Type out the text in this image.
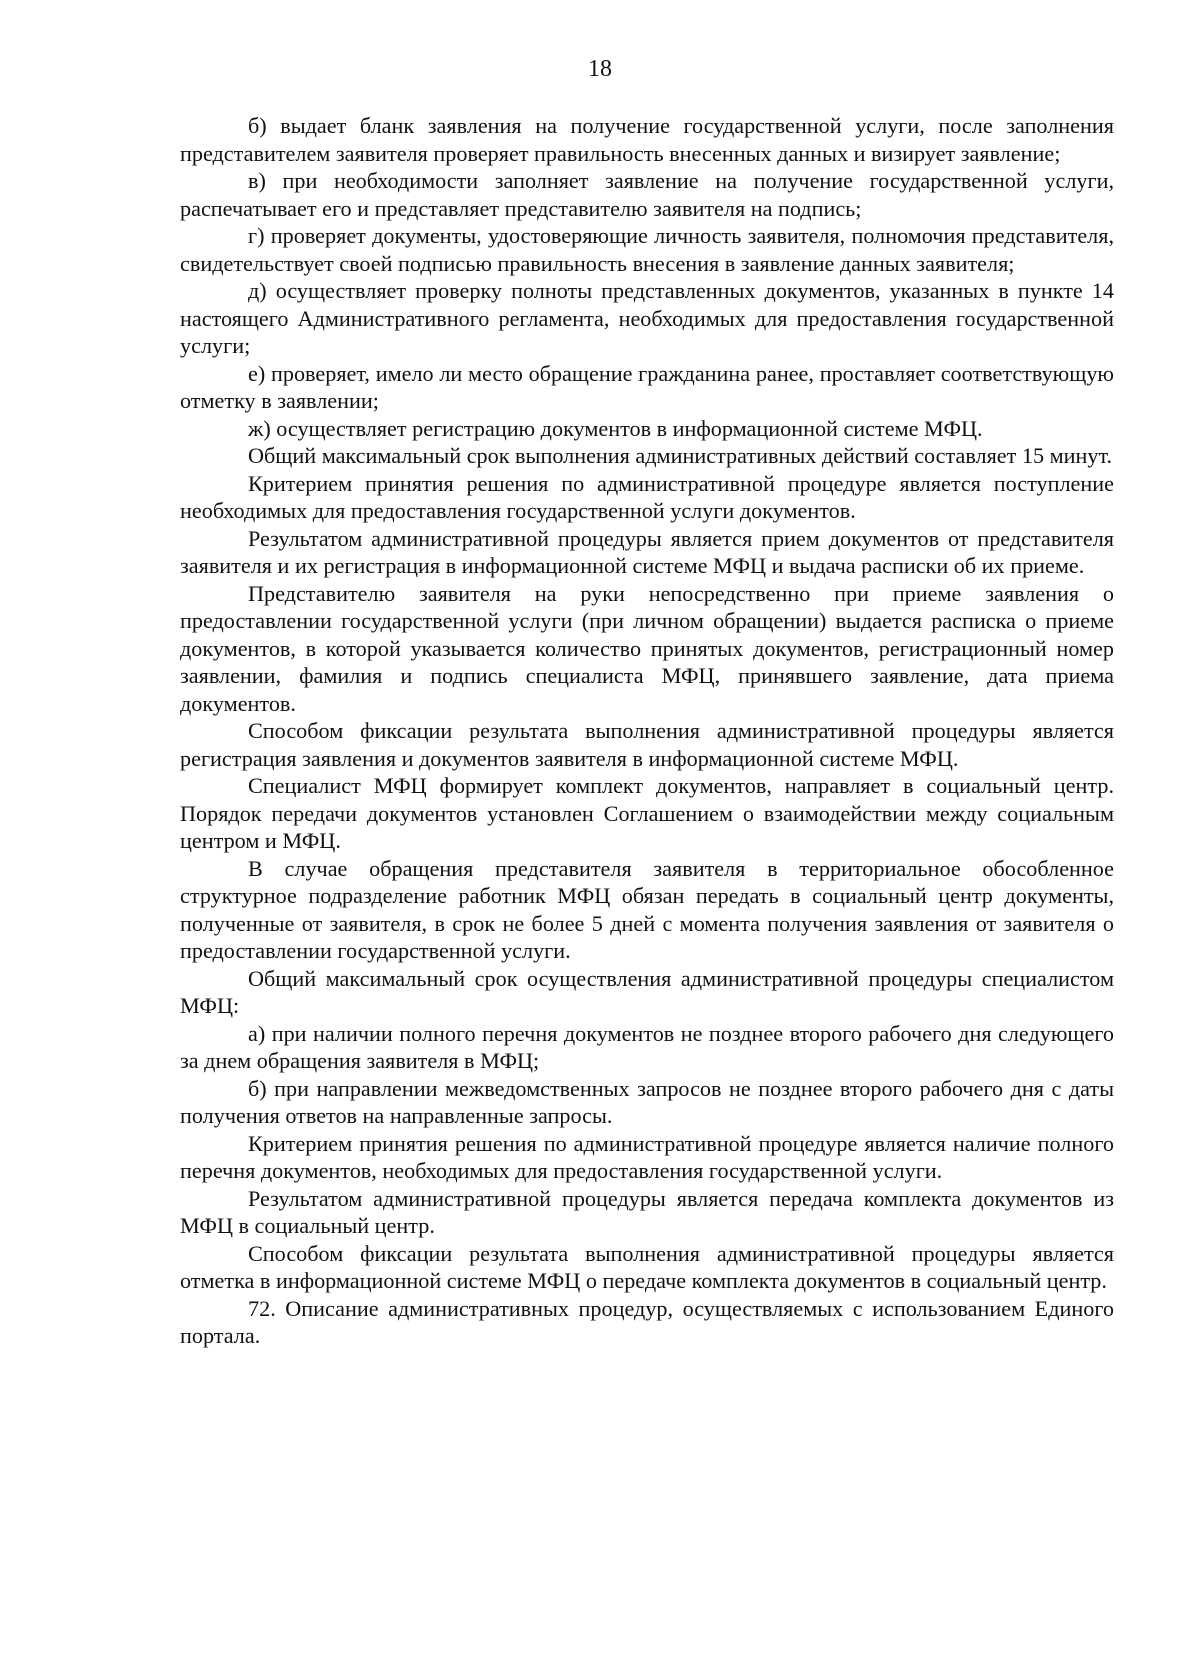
18

б) выдает бланк заявления на получение государственной услуги, после заполнения представителем заявителя проверяет правильность внесенных данных и визирует заявление;

в) при необходимости заполняет заявление на получение государственной услуги, распечатывает его и представляет представителю заявителя на подпись;

г) проверяет документы, удостоверяющие личность заявителя, полномочия представителя, свидетельствует своей подписью правильность внесения в заявление данных заявителя;

д) осуществляет проверку полноты представленных документов, указанных в пункте 14 настоящего Административного регламента, необходимых для предоставления государственной услуги;

е) проверяет, имело ли место обращение гражданина ранее, проставляет соответствующую отметку в заявлении;

ж) осуществляет регистрацию документов в информационной системе МФЦ.

Общий максимальный срок выполнения административных действий составляет 15 минут.

Критерием принятия решения по административной процедуре является поступление необходимых для предоставления государственной услуги документов.

Результатом административной процедуры является прием документов от представителя заявителя и их регистрация в информационной системе МФЦ и выдача расписки об их приеме.

Представителю заявителя на руки непосредственно при приеме заявления о предоставлении государственной услуги (при личном обращении) выдается расписка о приеме документов, в которой указывается количество принятых документов, регистрационный номер заявлении, фамилия и подпись специалиста МФЦ, принявшего заявление, дата приема документов.

Способом фиксации результата выполнения административной процедуры является регистрация заявления и документов заявителя в информационной системе МФЦ.

Специалист МФЦ формирует комплект документов, направляет в социальный центр. Порядок передачи документов установлен Соглашением о взаимодействии между социальным центром и МФЦ.

В случае обращения представителя заявителя в территориальное обособленное структурное подразделение работник МФЦ обязан передать в социальный центр документы, полученные от заявителя, в срок не более 5 дней с момента получения заявления от заявителя о предоставлении государственной услуги.

Общий максимальный срок осуществления административной процедуры специалистом МФЦ:

а) при наличии полного перечня документов не позднее второго рабочего дня следующего за днем обращения заявителя в МФЦ;

б) при направлении межведомственных запросов не позднее второго рабочего дня с даты получения ответов на направленные запросы.

Критерием принятия решения по административной процедуре является наличие полного перечня документов, необходимых для предоставления государственной услуги.

Результатом административной процедуры является передача комплекта документов из МФЦ в социальный центр.

Способом фиксации результата выполнения административной процедуры является отметка в информационной системе МФЦ о передаче комплекта документов в социальный центр.

72. Описание административных процедур, осуществляемых с использованием Единого портала.
